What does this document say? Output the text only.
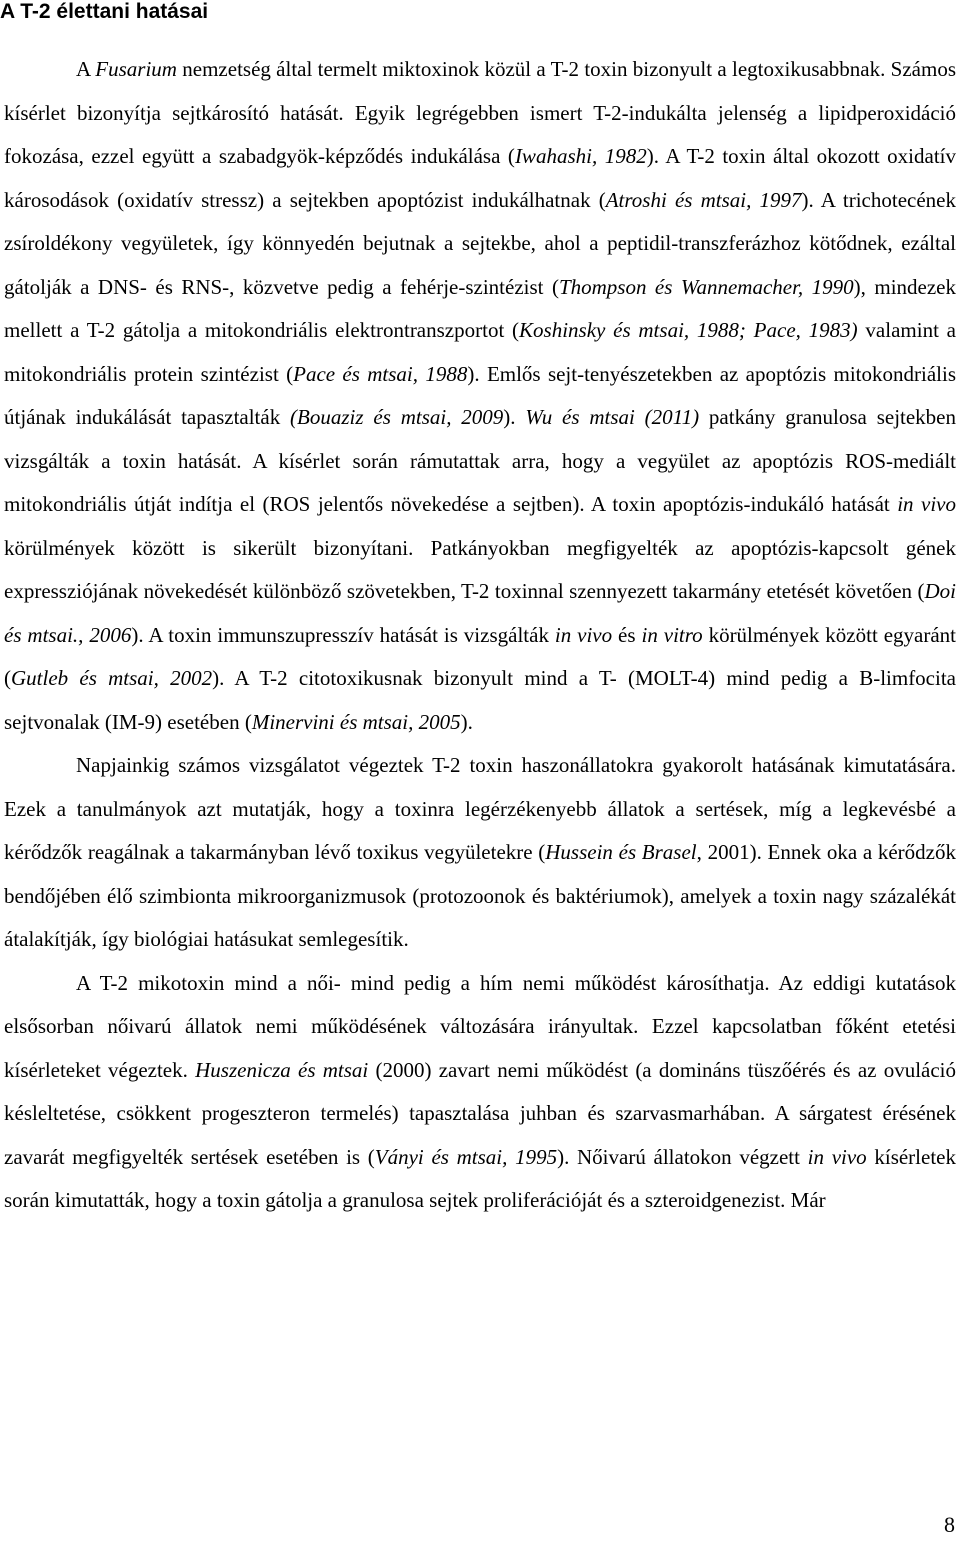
A T-2 élettani hatásai

A Fusarium nemzetség által termelt miktoxinok közül a T-2 toxin bizonyult a legtoxikusabbnak. Számos kísérlet bizonyítja sejtkárosító hatását. Egyik legrégebben ismert T-2-indukálta jelenség a lipidperoxidáció fokozása, ezzel együtt a szabadgyök-képződés indukálása (Iwahashi, 1982). A T-2 toxin által okozott oxidatív károsodások (oxidatív stressz) a sejtekben apoptózist indukálhatnak (Atroshi és mtsai, 1997). A trichotecének zsíroldékony vegyületek, így könnyedén bejutnak a sejtekbe, ahol a peptidil-transzferázhoz kötődnek, ezáltal gátolják a DNS- és RNS-, közvetve pedig a fehérje-szintézist (Thompson és Wannemacher, 1990), mindezek mellett a T-2 gátolja a mitokondriális elektrontranszportot (Koshinsky és mtsai, 1988; Pace, 1983) valamint a mitokondriális protein szintézist (Pace és mtsai, 1988). Emlős sejt-tenyészetekben az apoptózis mitokondriális útjának indukálását tapasztalták (Bouaziz és mtsai, 2009). Wu és mtsai (2011) patkány granulosa sejtekben vizsgálták a toxin hatását. A kísérlet során rámutattak arra, hogy a vegyület az apoptózis ROS-mediált mitokondriális útját indítja el (ROS jelentős növekedése a sejtben). A toxin apoptózis-indukáló hatását in vivo körülmények között is sikerült bizonyítani. Patkányokban megfigyelték az apoptózis-kapcsolt gének expressziójának növekedését különböző szövetekben, T-2 toxinnal szennyezett takarmány etetését követően (Doi és mtsai., 2006). A toxin immunszupresszív hatását is vizsgálták in vivo és in vitro körülmények között egyaránt (Gutleb és mtsai, 2002). A T-2 citotoxikusnak bizonyult mind a T- (MOLT-4) mind pedig a B-limfocita sejtvonalak (IM-9) esetében (Minervini és mtsai, 2005).

Napjainkig számos vizsgálatot végeztek T-2 toxin haszonállatokra gyakorolt hatásának kimutatására. Ezek a tanulmányok azt mutatják, hogy a toxinra legérzékenyebb állatok a sertések, míg a legkevésbé a kérődzők reagálnak a takarmányban lévő toxikus vegyületekre (Hussein és Brasel, 2001). Ennek oka a kérődzők bendőjében élő szimbionta mikroorganizmusok (protozoonok és baktériumok), amelyek a toxin nagy százalékát átalakítják, így biológiai hatásukat semlegesítik.

A T-2 mikotoxin mind a női- mind pedig a hím nemi működést károsíthatja. Az eddigi kutatások elsősorban nőivarú állatok nemi működésének változására irányultak. Ezzel kapcsolatban főként etetési kísérleteket végeztek. Huszenicza és mtsai (2000) zavart nemi működést (a domináns tüszőérés és az ovuláció késleltetése, csökkent progeszteron termelés) tapasztalása juhban és szarvasmarhában. A sárgatest érésének zavarát megfigyelték sertések esetében is (Ványi és mtsai, 1995). Nőivarú állatokon végzett in vivo kísérletek során kimutatták, hogy a toxin gátolja a granulosa sejtek proliferációját és a szteroidgenezist. Már

8
